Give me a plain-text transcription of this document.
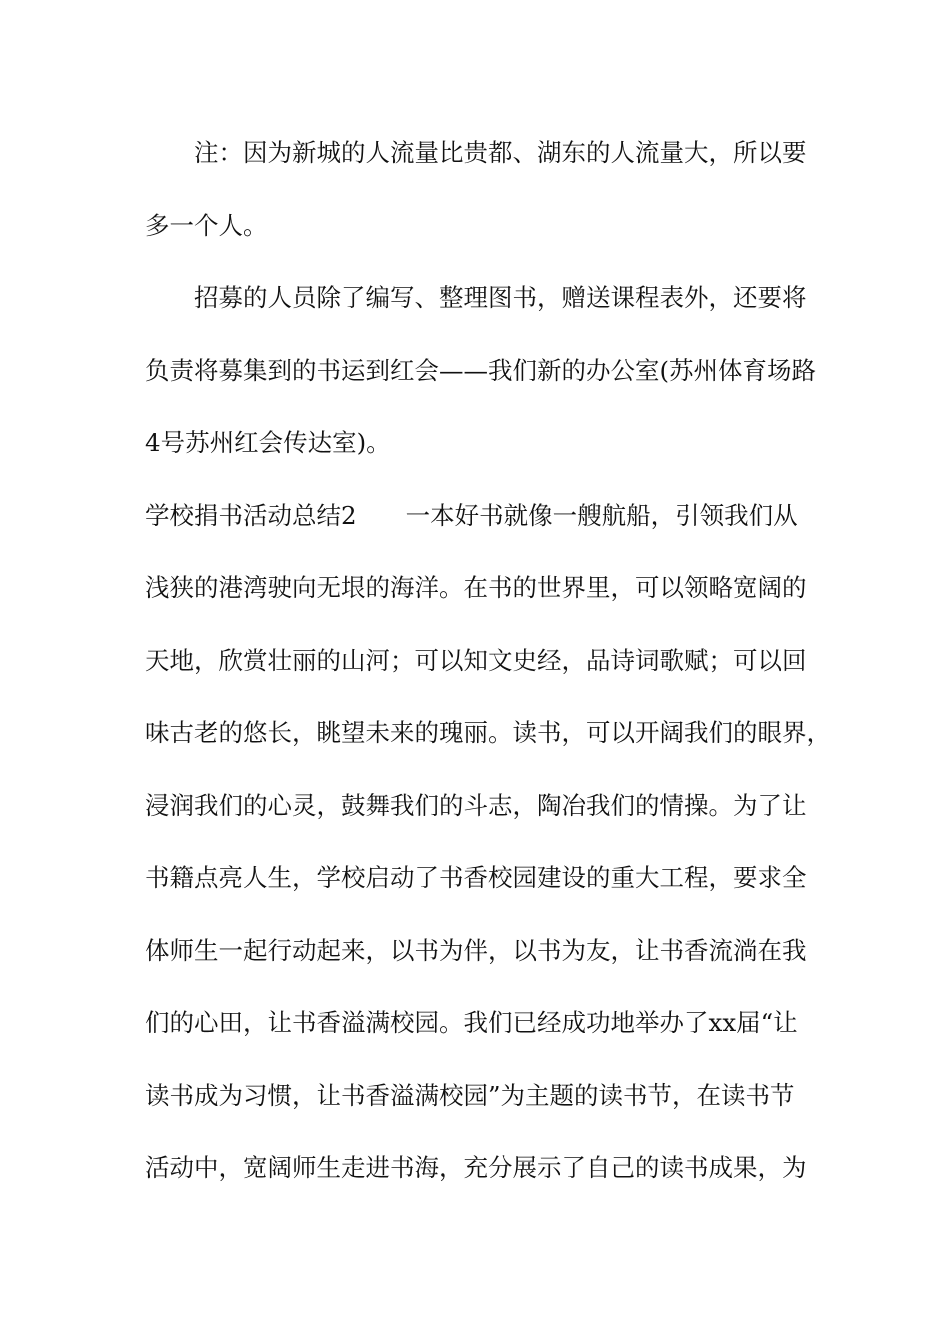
注：因为新城的人流量比贵都、湖东的人流量大，所以要
多一个人。
招募的人员除了编写、整理图书，赠送课程表外，还要将
负责将募集到的书运到红会——我们新的办公室(苏州体育场路
4号苏州红会传达室)。
学校捐书活动总结2　　一本好书就像一艘航船，引领我们从
浅狭的港湾驶向无垠的海洋。在书的世界里，可以领略宽阔的
天地，欣赏壮丽的山河；可以知文史经，品诗词歌赋；可以回
味古老的悠长，眺望未来的瑰丽。读书，可以开阔我们的眼界，
浸润我们的心灵，鼓舞我们的斗志，陶冶我们的情操。为了让
书籍点亮人生，学校启动了书香校园建设的重大工程，要求全
体师生一起行动起来，以书为伴，以书为友，让书香流淌在我
们的心田，让书香溢满校园。我们已经成功地举办了xx届“让
读书成为习惯，让书香溢满校园”为主题的读书节，在读书节
活动中，宽阔师生走进书海，充分展示了自己的读书成果，为
